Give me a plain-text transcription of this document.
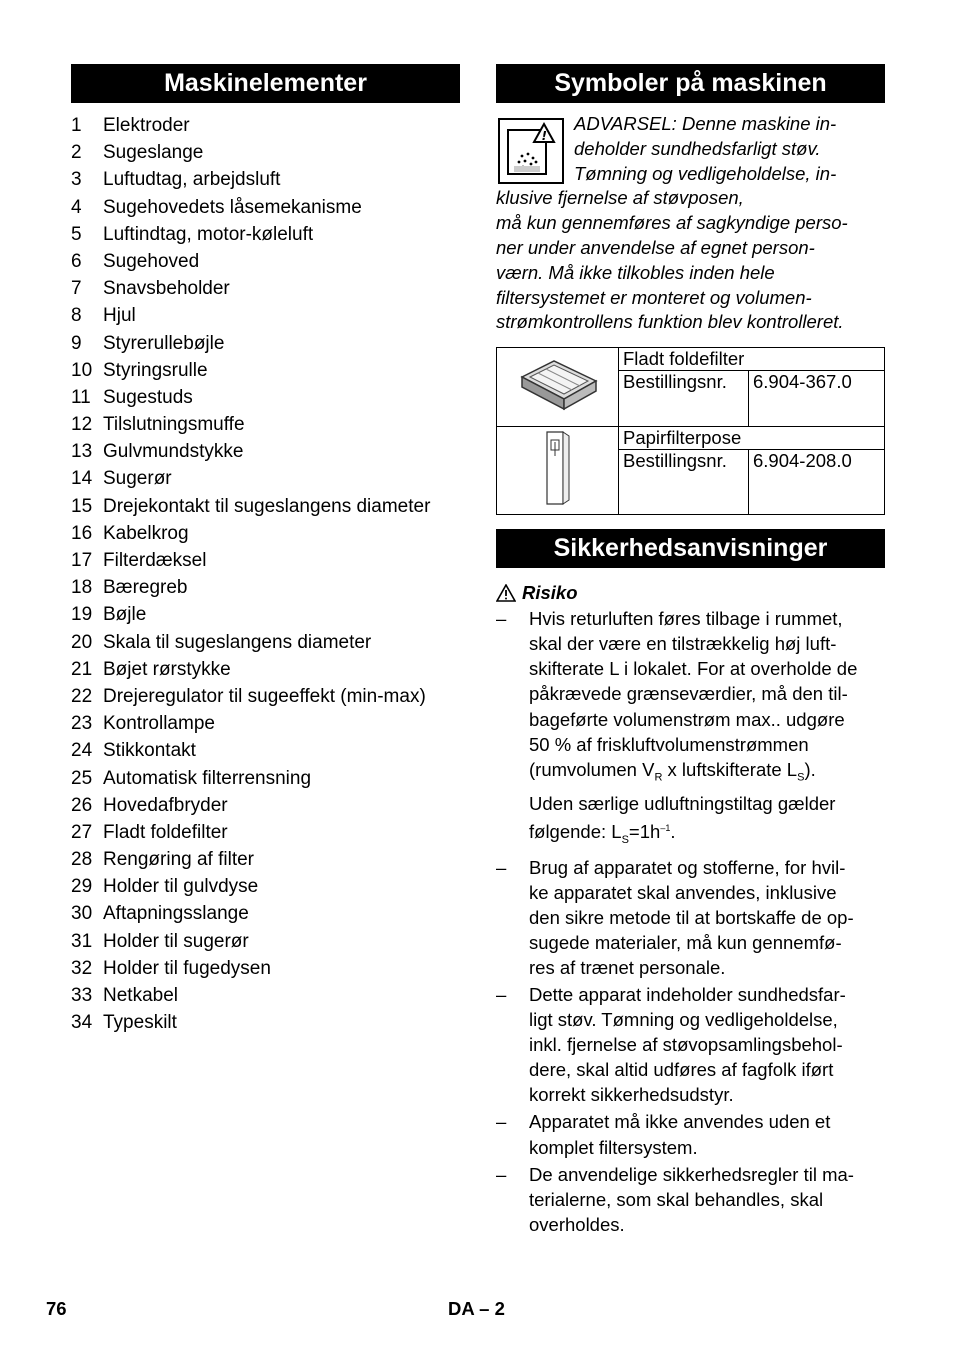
Maskinelementer
1 Elektroder
2 Sugeslange
3 Luftudtag, arbejdsluft
4 Sugehovedets låsemekanisme
5 Luftindtag, motor-køleluft
6 Sugehoved
7 Snavsbeholder
8 Hjul
9 Styrerullebøjle
10 Styringsrulle
11 Sugestuds
12 Tilslutningsmuffe
13 Gulvmundstykke
14 Sugerør
15 Drejekontakt til sugeslangens diameter
16 Kabelkrog
17 Filterdæksel
18 Bæregreb
19 Bøjle
20 Skala til sugeslangens diameter
21 Bøjet rørstykke
22 Drejeregulator til sugeeffekt (min-max)
23 Kontrollampe
24 Stikkontakt
25 Automatisk filterrensning
26 Hovedafbryder
27 Fladt foldefilter
28 Rengøring af filter
29 Holder til gulvdyse
30 Aftapningsslange
31 Holder til sugerør
32 Holder til fugedysen
33 Netkabel
34 Typeskilt
Symboler på maskinen
!
ADVARSEL: Denne maskine in-
deholder sundhedsfarligt støv.
Tømning og vedligeholdelse, in-
klusive fjernelse af støvposen,
må kun gennemføres af sagkyndige perso-
ner under anvendelse af egnet person-
værn. Må ikke tilkobles inden hele
filtersystemet er monteret og volumen-
strømkontrollens funktion blev kontrolleret.
	Fladt foldefilter	
	Bestillingsnr.	6.904-367.0
	Papirfilterpose	
	Bestillingsnr.	6.904-208.0
Sikkerhedsanvisninger
Risiko
– Hvis returluften føres tilbage i rummet,
skal der være en tilstrækkelig høj luft-
skifterate L i lokalet. For at overholde de
påkrævede grænseværdier, må den til-
bageførte volumenstrøm max.. udgøre
50 % af friskluftvolumenstrømmen
(rumvolumen $V_R$ x luftskifterate $L_S$).
Uden særlige udluftningstiltag gælder
følgende: $L_S=1h^{-1}$.
– Brug af apparatet og stofferne, for hvil-
ke apparatet skal anvendes, inklusive
den sikre metode til at bortskaffe de op-
sugede materialer, må kun gennemfø-
res af trænet personale.
– Dette apparat indeholder sundhedsfar-
ligt støv. Tømning og vedligeholdelse,
inkl. fjernelse af støvopsamlingsbehol-
dere, skal altid udføres af fagfolk iført
korrekt sikkerhedsudstyr.
– Apparatet må ikke anvendes uden et
komplet filtersystem.
– De anvendelige sikkerhedsregler til ma-
terialerne, som skal behandles, skal
overholdes.
76	DA – 2
